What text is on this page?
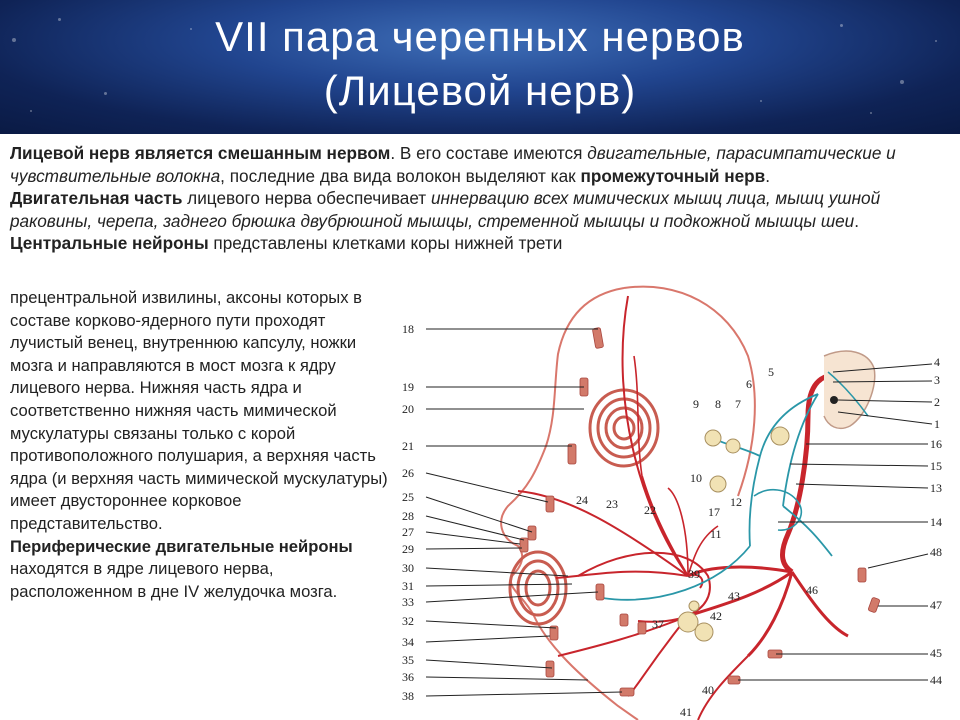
VII пара черепных нервов
(Лицевой нерв)
Лицевой нерв является смешанным нервом. В его составе имеются двигательные, парасимпатические и чувствительные волокна, последние два вида волокон выделяют как промежуточный нерв.
Двигательная часть лицевого нерва обеспечивает иннервацию всех мимических мышц лица, мышц ушной раковины, черепа, заднего брюшка двубрюшной мышцы, стременной мышцы и подкожной мышцы шеи. Центральные нейроны представлены клетками коры нижней трети
прецентральной извилины, аксоны которых в составе корково-ядерного пути проходят лучистый венец, внутреннюю капсулу, ножки мозга и направляются в мост мозга к ядру лицевого нерва. Нижняя часть ядра и соответственно нижняя часть мимической мускулатуры связаны только с корой противоположного полушария, а верхняя часть ядра (и верхняя часть мимической мускулатуры) имеет двустороннее корковое представительство.
Периферические двигательные нейроны находятся в ядре лицевого нерва, расположенном в дне IV желудочка мозга.
18
19
20
21
26
25
28
27
29
30
31
33
32
34
35
36
38
4
3
2
1
16
15
13
14
48
47
45
44
5
6
9 8 7
10
12
17
11
24 23 22
39
43	46
42
37
40
41
